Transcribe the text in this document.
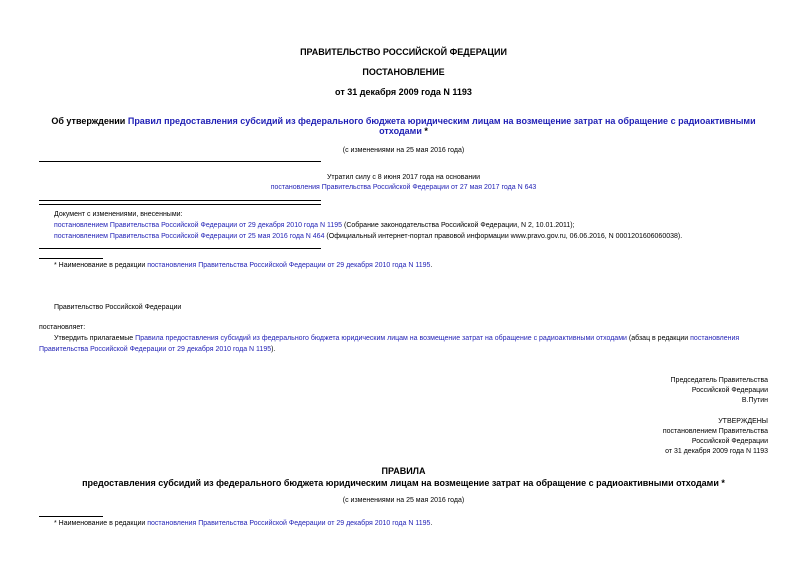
ПРАВИТЕЛЬСТВО РОССИЙСКОЙ ФЕДЕРАЦИИ
ПОСТАНОВЛЕНИЕ
от 31 декабря 2009 года N 1193
Об утверждении Правил предоставления субсидий из федерального бюджета юридическим лицам на возмещение затрат на обращение с радиоактивными
отходами *
(с изменениями на 25 мая 2016 года)
Утратил силу с 8 июня 2017 года на основании
постановления Правительства Российской Федерации от 27 мая 2017 года N 643
Документ с изменениями, внесенными:
постановлением Правительства Российской Федерации от 29 декабря 2010 года N 1195 (Собрание законодательства Российской Федерации, N 2, 10.01.2011);
постановлением Правительства Российской Федерации от 25 мая 2016 года N 464 (Официальный интернет-портал правовой информации www.pravo.gov.ru, 06.06.2016, N 0001201606060038).
* Наименование в редакции постановления Правительства Российской Федерации от 29 декабря 2010 года N 1195.
Правительство Российской Федерации
постановляет:
Утвердить прилагаемые Правила предоставления субсидий из федерального бюджета юридическим лицам на возмещение затрат на обращение с радиоактивными отходами (абзац в редакции постановления
Правительства Российской Федерации от 29 декабря 2010 года N 1195).
Председатель Правительства
Российской Федерации
В.Путин
УТВЕРЖДЕНЫ
постановлением Правительства
Российской Федерации
от 31 декабря 2009 года N 1193
ПРАВИЛА
предоставления субсидий из федерального бюджета юридическим лицам на возмещение затрат на обращение с радиоактивными отходами *
(с изменениями на 25 мая 2016 года)
* Наименование в редакции постановления Правительства Российской Федерации от 29 декабря 2010 года N 1195.
